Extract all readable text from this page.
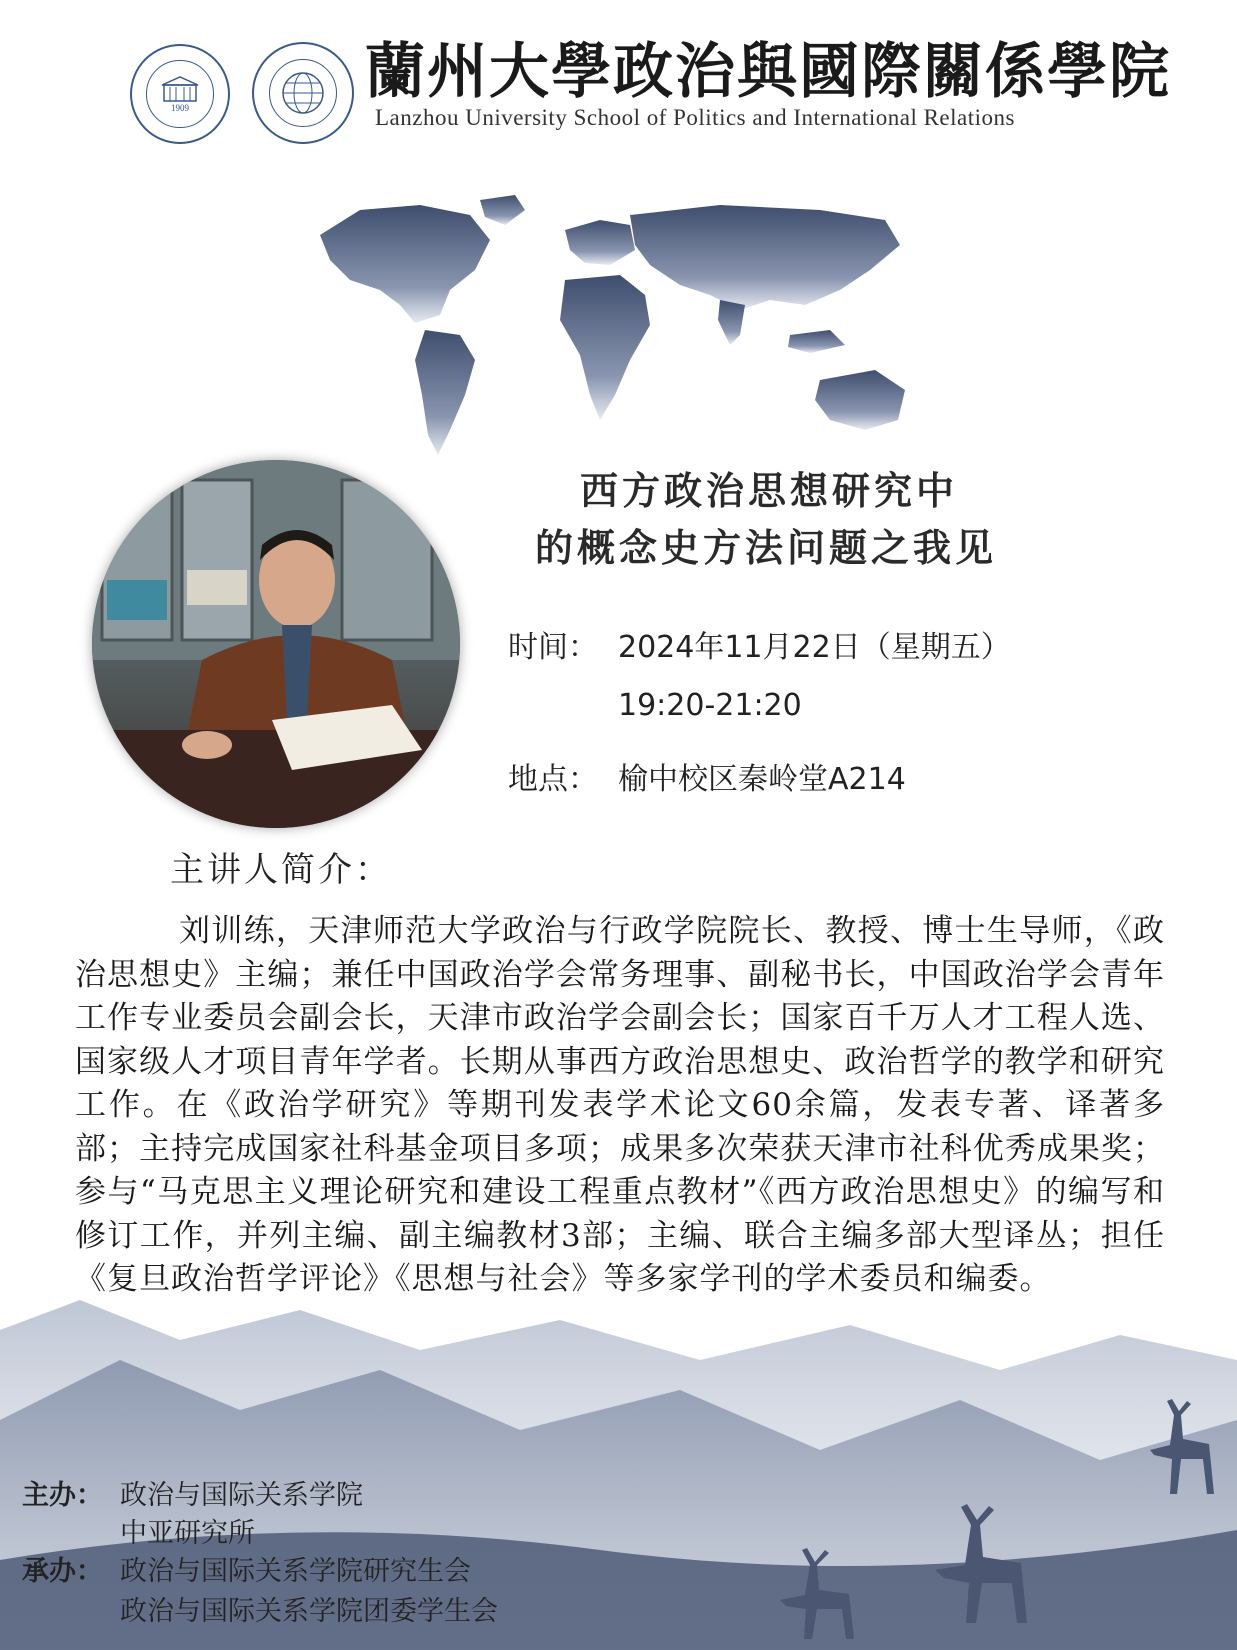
1909
蘭州大學政治與國際關係學院
Lanzhou University School of Politics and International Relations
西方政治思想研究中
的概念史方法问题之我见
时间： 2024年11月22日（星期五）
19:20-21:20
地点： 榆中校区秦岭堂A214
主讲人简介：
刘训练，天津师范大学政治与行政学院院长、教授、博士生导师，《政治思想史》主编；兼任中国政治学会常务理事、副秘书长，中国政治学会青年工作专业委员会副会长，天津市政治学会副会长；国家百千万人才工程人选、国家级人才项目青年学者。长期从事西方政治思想史、政治哲学的教学和研究工作。在《政治学研究》等期刊发表学术论文60余篇，发表专著、译著多部；主持完成国家社科基金项目多项；成果多次荣获天津市社科优秀成果奖；参与“马克思主义理论研究和建设工程重点教材”《西方政治思想史》的编写和修订工作，并列主编、副主编教材3部；主编、联合主编多部大型译丛；担任《复旦政治哲学评论》《思想与社会》等多家学刊的学术委员和编委。
主办： 政治与国际关系学院
中亚研究所
承办： 政治与国际关系学院研究生会
政治与国际关系学院团委学生会
